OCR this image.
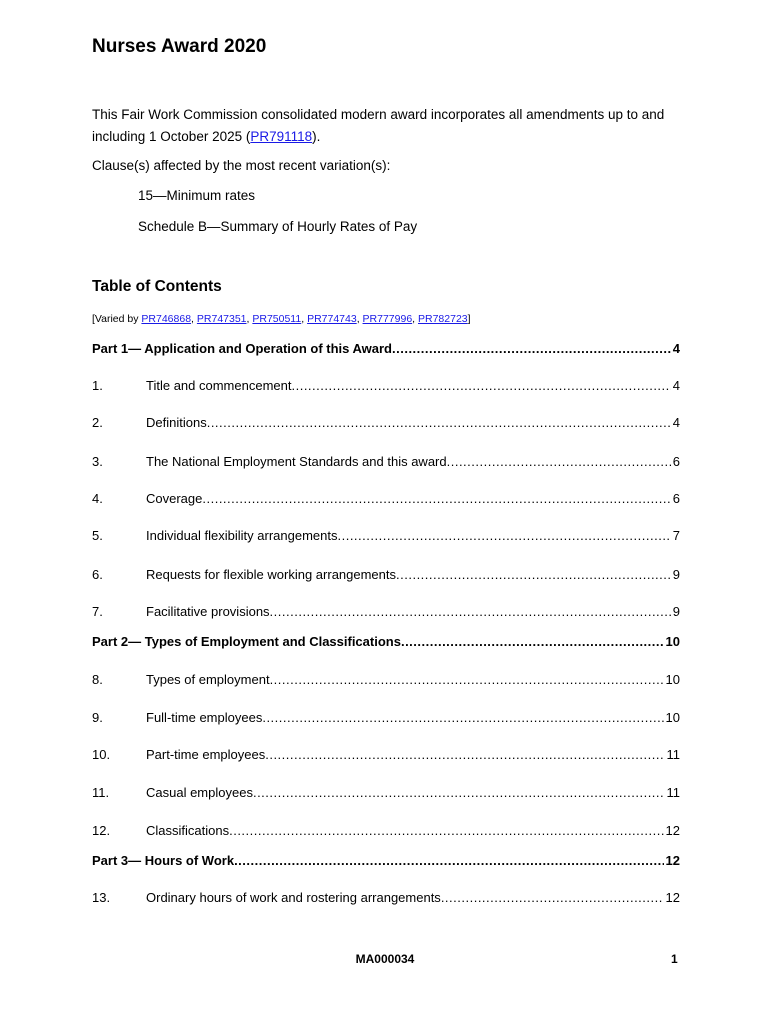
Nurses Award 2020

This Fair Work Commission consolidated modern award incorporates all amendments up to and including 1 October 2025 (PR791118).

Clause(s) affected by the most recent variation(s):

15—Minimum rates
Schedule B—Summary of Hourly Rates of Pay
Table of Contents
[Varied by PR746868, PR747351, PR750511, PR774743, PR777996, PR782723]
Part 1— Application and Operation of this Award .....	4
1.	Title and commencement .....	4
2.	Definitions .....	4
3.	The National Employment Standards and this award .....	6
4.	Coverage .....	6
5.	Individual flexibility arrangements .....	7
6.	Requests for flexible working arrangements .....	9
7.	Facilitative provisions .....	9
Part 2— Types of Employment and Classifications .....	10
8.	Types of employment .....	10
9.	Full-time employees .....	10
10.	Part-time employees .....	11
11.	Casual employees .....	11
12.	Classifications .....	12
Part 3— Hours of Work .....	12
13.	Ordinary hours of work and rostering arrangements .....	12
MA000034	1
